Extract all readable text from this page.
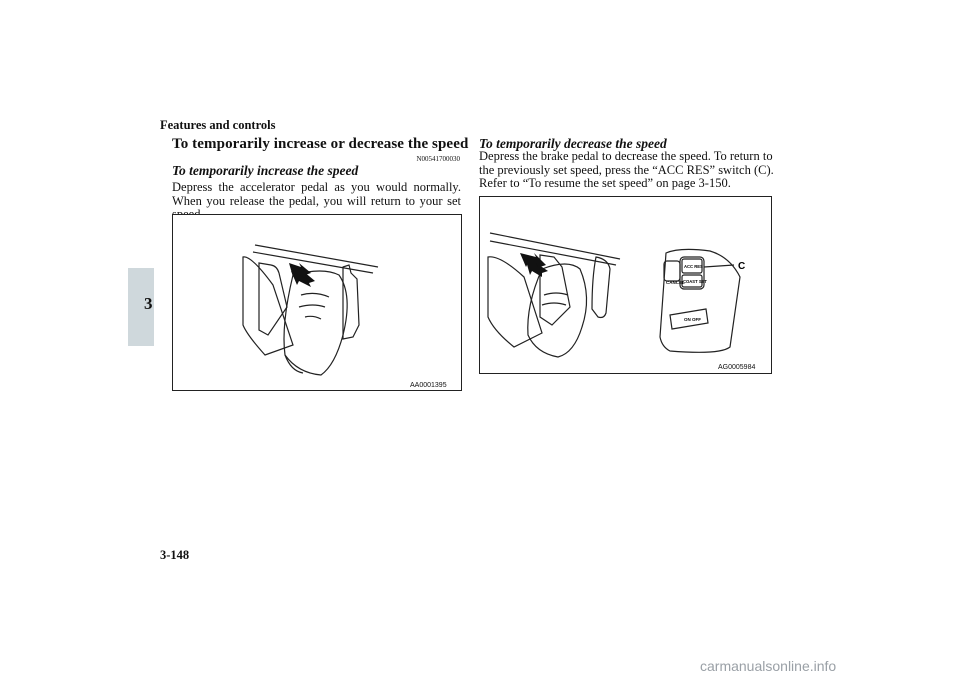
Features and controls
3
To temporarily increase or decrease the speed
N00541700030
To temporarily increase the speed
Depress the accelerator pedal as you would normally. When you release the pedal, you will return to your set
AA0001395
To temporarily decrease the speed
Depress the brake pedal to decrease the speed. To return to the previously set speed, press the “ACC RES” switch (C). Refer to “To resume the set speed” on page 3-150.
CANCEL
ACC RES
COAST SET
ON OFF
C
AG0005984
3-148
carmanualsonline.info
